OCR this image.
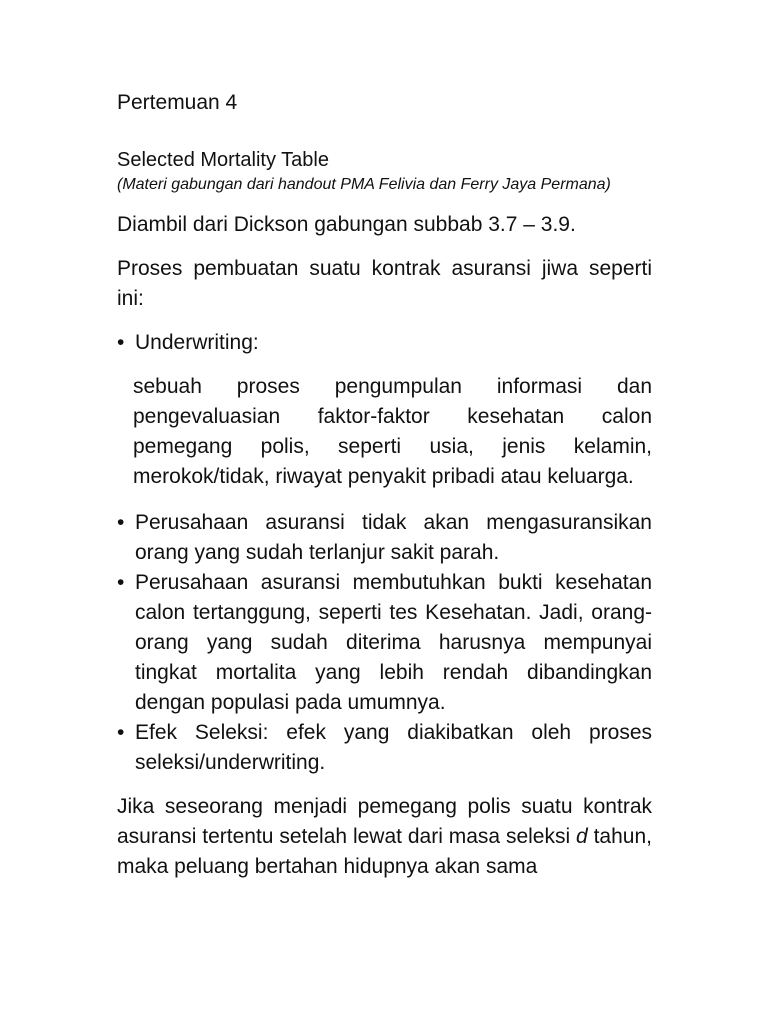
Pertemuan 4

Selected Mortality Table

(Materi gabungan dari handout PMA Felivia dan Ferry Jaya Permana)

Diambil dari Dickson gabungan subbab 3.7 – 3.9.

Proses pembuatan suatu kontrak asuransi jiwa seperti ini:

• Underwriting:

sebuah proses pengumpulan informasi dan pengevaluasian faktor-faktor kesehatan calon pemegang polis, seperti usia, jenis kelamin, merokok/tidak, riwayat penyakit pribadi atau keluarga.

• Perusahaan asuransi tidak akan mengasuransikan orang yang sudah terlanjur sakit parah.
• Perusahaan asuransi membutuhkan bukti kesehatan calon tertanggung, seperti tes Kesehatan. Jadi, orang-orang yang sudah diterima harusnya mempunyai tingkat mortalita yang lebih rendah dibandingkan dengan populasi pada umumnya.
• Efek Seleksi: efek yang diakibatkan oleh proses seleksi/underwriting.

Jika seseorang menjadi pemegang polis suatu kontrak asuransi tertentu setelah lewat dari masa seleksi d tahun, maka peluang bertahan hidupnya akan sama
